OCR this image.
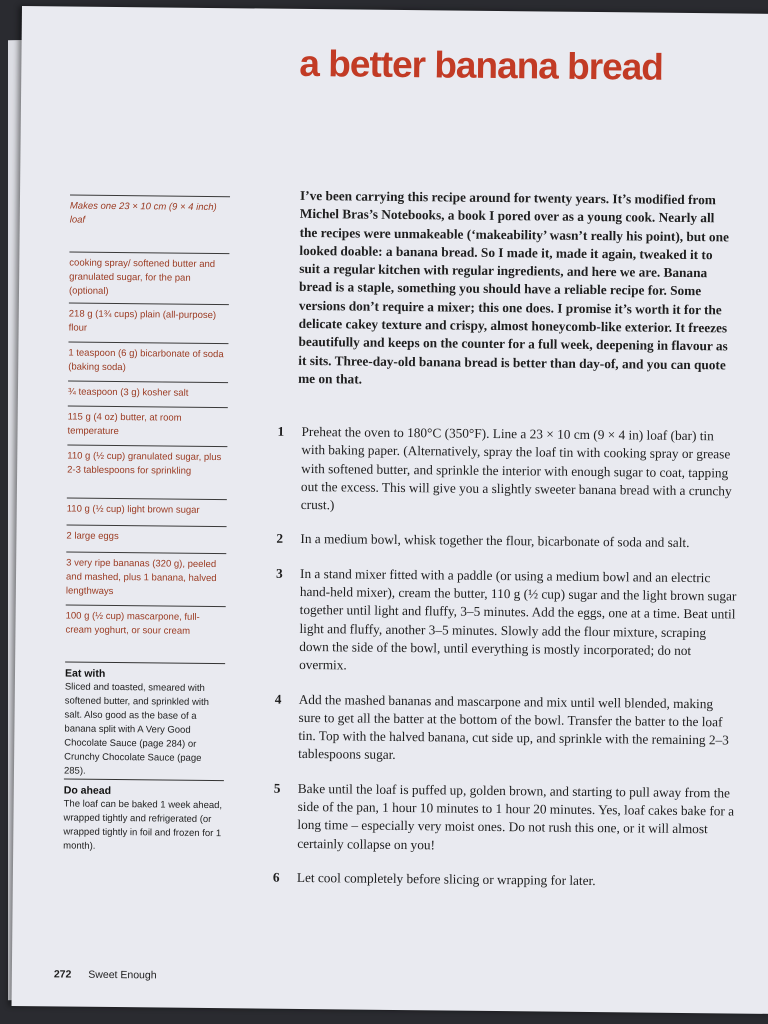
a better banana bread
Makes one 23 × 10 cm (9 × 4 inch) loaf
cooking spray/ softened butter and granulated sugar, for the pan (optional)
218 g (1¾ cups) plain (all-purpose) flour
1 teaspoon (6 g) bicarbonate of soda (baking soda)
¾ teaspoon (3 g) kosher salt
115 g (4 oz) butter, at room temperature
110 g (½ cup) granulated sugar, plus 2-3 tablespoons for sprinkling
110 g (½ cup) light brown sugar
2 large eggs
3 very ripe bananas (320 g), peeled and mashed, plus 1 banana, halved lengthways
100 g (½ cup) mascarpone, full-cream yoghurt, or sour cream
Eat with
Sliced and toasted, smeared with softened butter, and sprinkled with salt. Also good as the base of a banana split with A Very Good Chocolate Sauce (page 284) or Crunchy Chocolate Sauce (page 285).
Do ahead
The loaf can be baked 1 week ahead, wrapped tightly and refrigerated (or wrapped tightly in foil and frozen for 1 month).

I’ve been carrying this recipe around for twenty years. It’s modified from Michel Bras’s Notebooks, a book I pored over as a young cook. Nearly all the recipes were unmakeable (‘makeability’ wasn’t really his point), but one looked doable: a banana bread. So I made it, made it again, tweaked it to suit a regular kitchen with regular ingredients, and here we are. Banana bread is a staple, something you should have a reliable recipe for. Some versions don’t require a mixer; this one does. I promise it’s worth it for the delicate cakey texture and crispy, almost honeycomb-like exterior. It freezes beautifully and keeps on the counter for a full week, deepening in flavour as it sits. Three-day-old banana bread is better than day-of, and you can quote me on that.

1	Preheat the oven to 180°C (350°F). Line a 23 × 10 cm (9 × 4 in) loaf (bar) tin with baking paper. (Alternatively, spray the loaf tin with cooking spray or grease with softened butter, and sprinkle the interior with enough sugar to coat, tapping out the excess. This will give you a slightly sweeter banana bread with a crunchy crust.)
2	In a medium bowl, whisk together the flour, bicarbonate of soda and salt.
3	In a stand mixer fitted with a paddle (or using a medium bowl and an electric hand-held mixer), cream the butter, 110 g (½ cup) sugar and the light brown sugar together until light and fluffy, 3–5 minutes. Add the eggs, one at a time. Beat until light and fluffy, another 3–5 minutes. Slowly add the flour mixture, scraping down the side of the bowl, until everything is mostly incorporated; do not overmix.
4	Add the mashed bananas and mascarpone and mix until well blended, making sure to get all the batter at the bottom of the bowl. Transfer the batter to the loaf tin. Top with the halved banana, cut side up, and sprinkle with the remaining 2–3 tablespoons sugar.
5	Bake until the loaf is puffed up, golden brown, and starting to pull away from the side of the pan, 1 hour 10 minutes to 1 hour 20 minutes. Yes, loaf cakes bake for a long time – especially very moist ones. Do not rush this one, or it will almost certainly collapse on you!
6	Let cool completely before slicing or wrapping for later.
272 Sweet Enough
